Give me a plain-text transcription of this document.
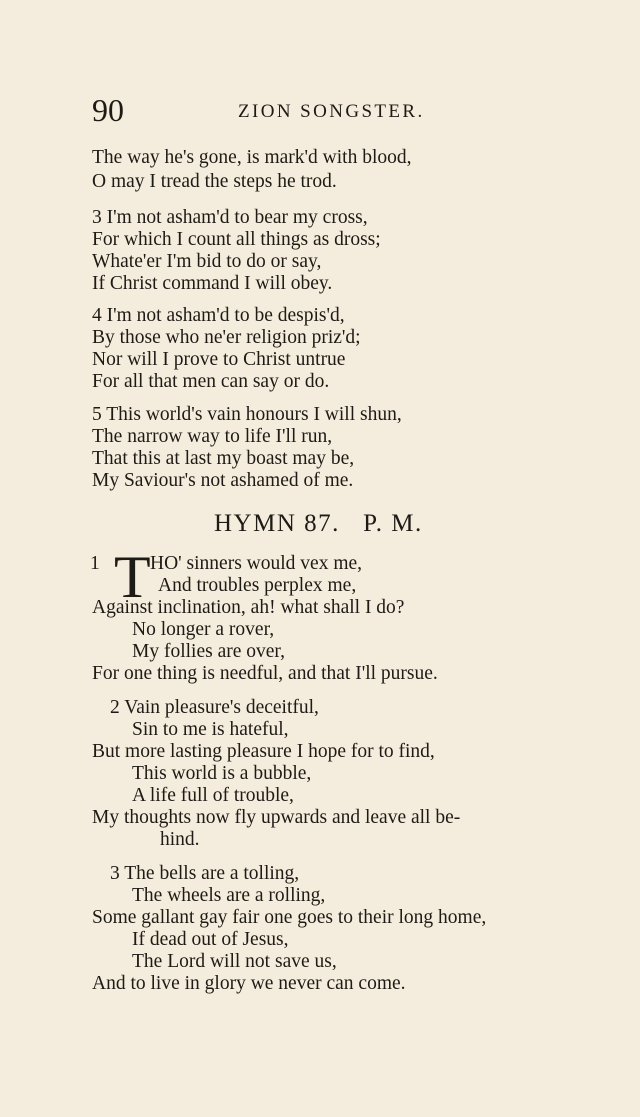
90	ZION SONGSTER.
The way he's gone, is mark'd with blood,
O may I tread the steps he trod.
3 I'm not asham'd to bear my cross,
For which I count all things as dross;
Whate'er I'm bid to do or say,
If Christ command I will obey.
4 I'm not asham'd to be despis'd,
By those who ne'er religion priz'd;
Nor will I prove to Christ untrue
For all that men can say or do.
5 This world's vain honours I will shun,
The narrow way to life I'll run,
That this at last my boast may be,
My Saviour's not ashamed of me.
HYMN 87.   P. M.
1 T HO' sinners would vex me,
And troubles perplex me,
Against inclination, ah! what shall I do?
No longer a rover,
My follies are over,
For one thing is needful, and that I'll pursue.
2 Vain pleasure's deceitful,
Sin to me is hateful,
But more lasting pleasure I hope for to find,
This world is a bubble,
A life full of trouble,
My thoughts now fly upwards and leave all be-
hind.
3 The bells are a tolling,
The wheels are a rolling,
Some gallant gay fair one goes to their long home,
If dead out of Jesus,
The Lord will not save us,
And to live in glory we never can come.
